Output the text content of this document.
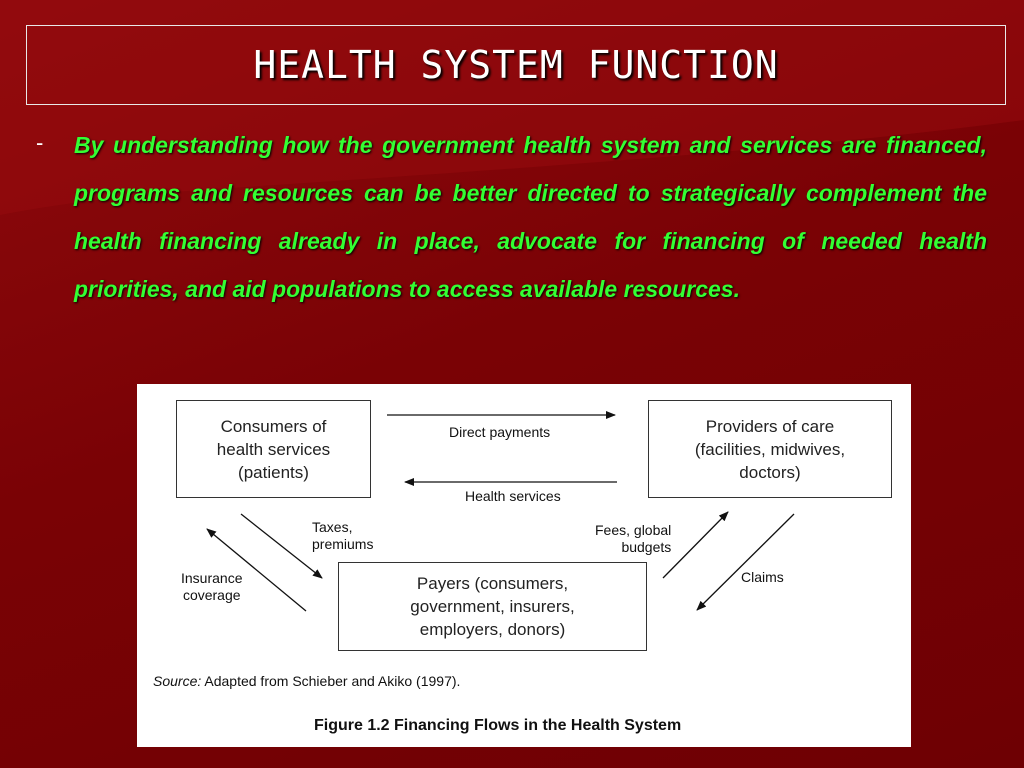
HEALTH SYSTEM FUNCTION
- By understanding how the government health system and services are financed, programs and resources can be better directed to strategically complement the health financing already in place, advocate for financing of needed health priorities, and aid populations to access available resources.
Consumers of
health services
(patients)
Providers of care
(facilities, midwives,
doctors)
Payers (consumers,
government, insurers,
employers, donors)
Direct payments
Health services
Taxes,
premiums
Insurance
coverage
Fees, global
budgets
Claims
Source: Adapted from Schieber and Akiko (1997).
Figure 1.2 Financing Flows in the Health System
